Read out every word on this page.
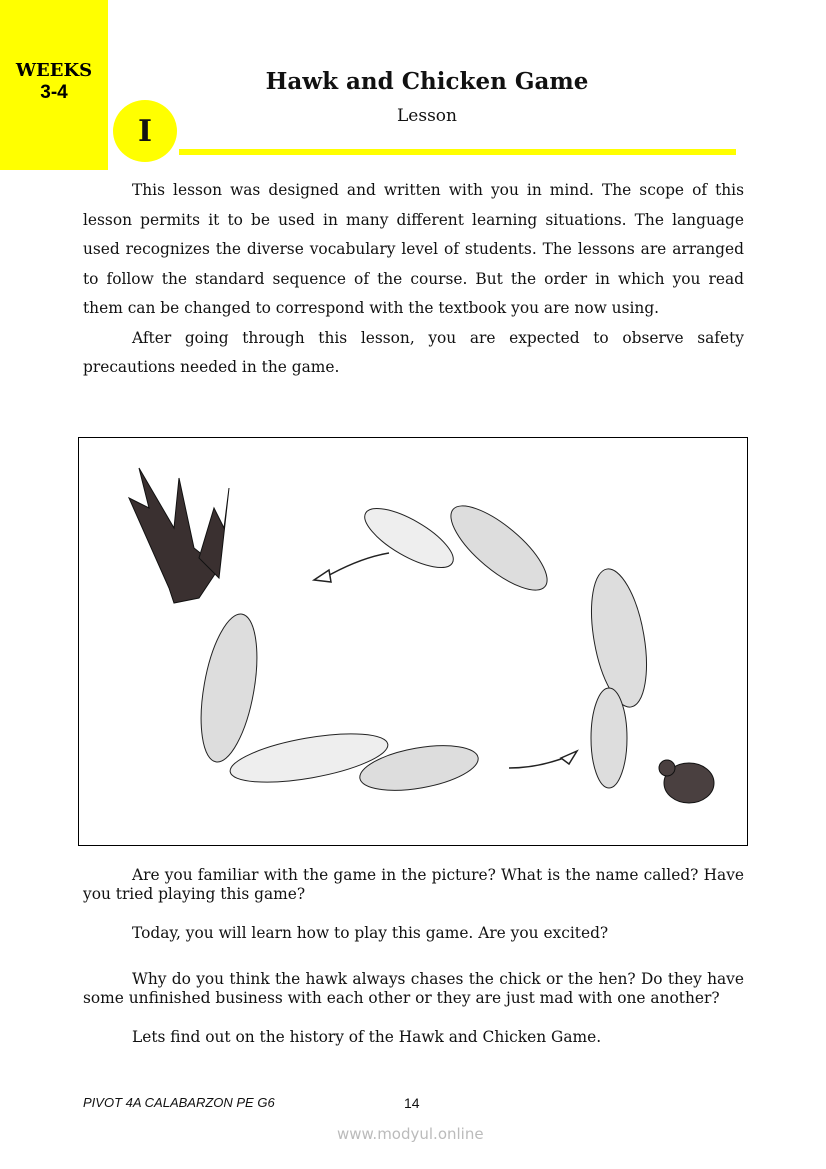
WEEKS
3-4
I
Hawk and Chicken Game
Lesson

This lesson was designed and written with you in mind. The scope of this lesson permits it to be used in many different learning situations. The language used recognizes the diverse vocabulary level of students. The lessons are arranged to follow the standard sequence of the course. But the order in which you read them can be changed to correspond with the textbook you are now using.

After going through this lesson, you are expected to observe safety precautions needed in the game.

Are you familiar with the game in the picture? What is the name called? Have you tried playing this game?

Today, you will learn how to play this game. Are you excited?

Why do you think the hawk always chases the chick or the hen? Do they have some unfinished business with each other or they are just mad with one another?

Lets find out on the history of the Hawk and Chicken Game.

PIVOT 4A CALABARZON PE G6	14
www.modyul.online
